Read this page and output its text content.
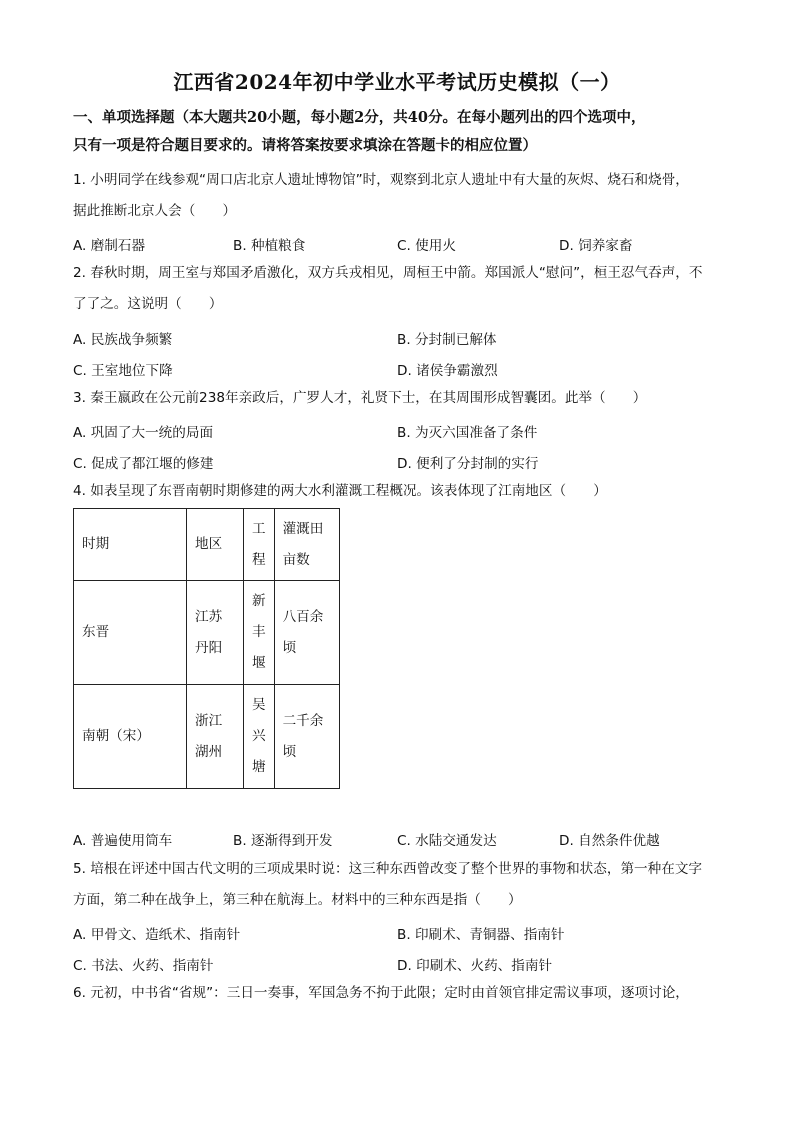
江西省2024年初中学业水平考试历史模拟（一）
一、单项选择题（本大题共20小题，每小题2分，共40分。在每小题列出的四个选项中，
只有一项是符合题目要求的。请将答案按要求填涂在答题卡的相应位置）
1. 小明同学在线参观“周口店北京人遗址博物馆”时，观察到北京人遗址中有大量的灰烬、烧石和烧骨，
据此推断北京人会（　　）
A. 磨制石器	B. 种植粮食	C. 使用火	D. 饲养家畜
2. 春秋时期，周王室与郑国矛盾激化，双方兵戎相见，周桓王中箭。郑国派人“慰问”，桓王忍气吞声，不
了了之。这说明（　　）
A. 民族战争频繁	B. 分封制已解体
C. 王室地位下降	D. 诸侯争霸激烈
3. 秦王嬴政在公元前238年亲政后，广罗人才，礼贤下士，在其周围形成智囊团。此举（　　）
A. 巩固了大一统的局面	B. 为灭六国准备了条件
C. 促成了都江堰的修建	D. 便利了分封制的实行
4. 如表呈现了东晋南朝时期修建的两大水利灌溉工程概况。该表体现了江南地区（　　）
时期	地区	工程	灌溉田亩数
东晋	江苏丹阳	新丰堰	八百余顷
南朝（宋）	浙江湖州	吴兴塘	二千余顷
A. 普遍使用筒车	B. 逐渐得到开发	C. 水陆交通发达	D. 自然条件优越
5. 培根在评述中国古代文明的三项成果时说：这三种东西曾改变了整个世界的事物和状态，第一种在文字
方面，第二种在战争上，第三种在航海上。材料中的三种东西是指（　　）
A. 甲骨文、造纸术、指南针	B. 印刷术、青铜器、指南针
C. 书法、火药、指南针	D. 印刷术、火药、指南针
6. 元初，中书省“省规”：三日一奏事，军国急务不拘于此限；定时由首领官排定需议事项，逐项讨论，
